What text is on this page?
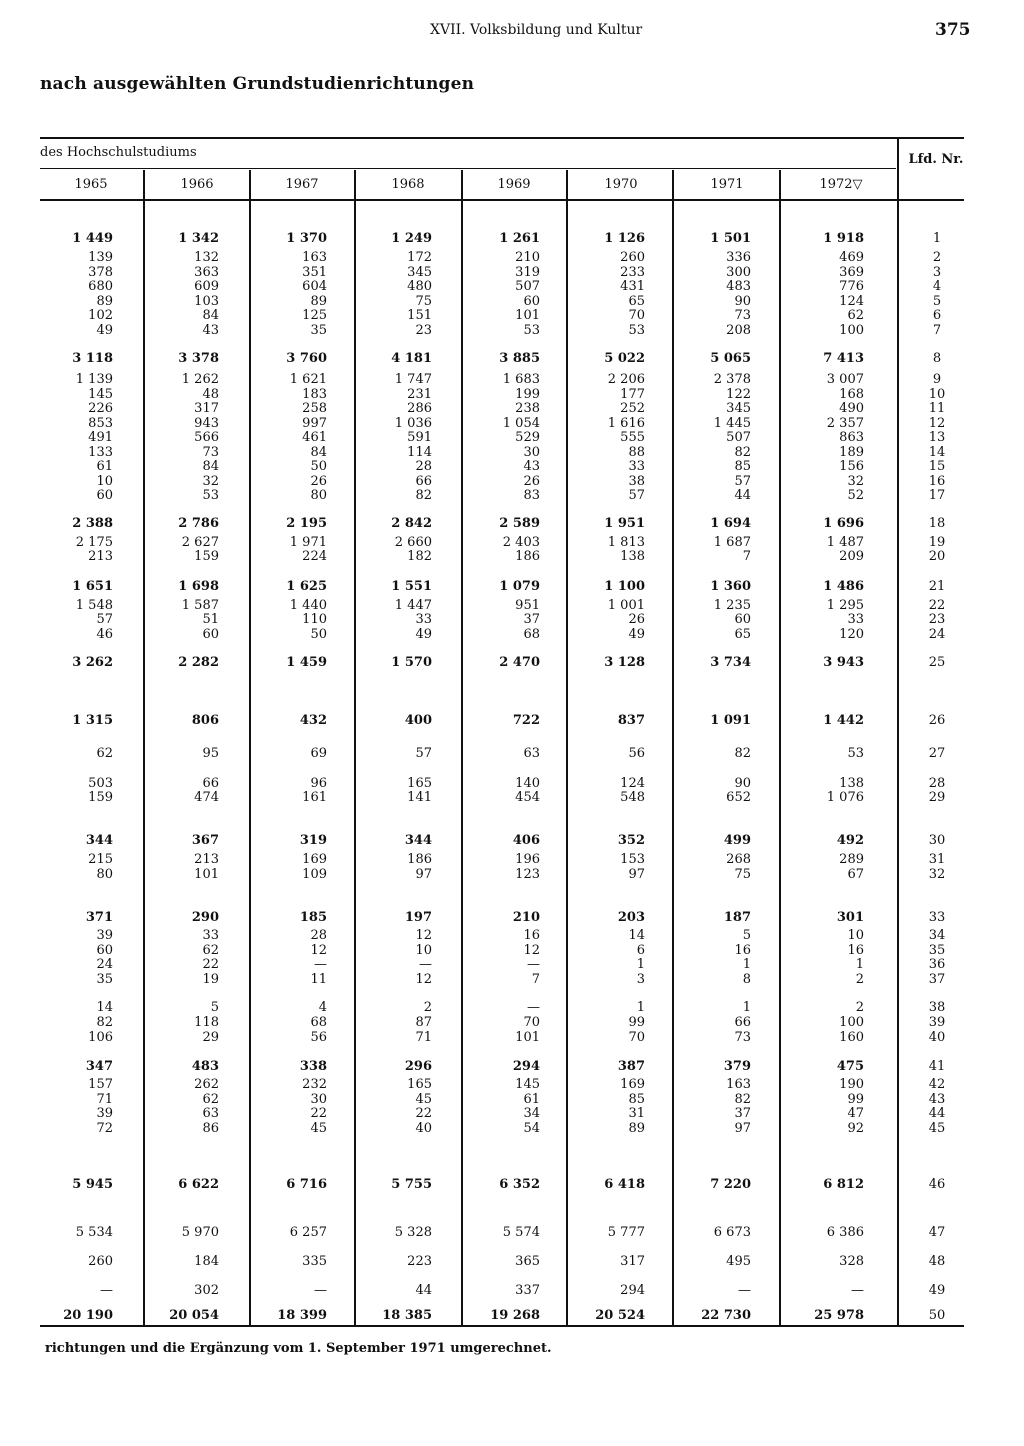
XVII. Volksbildung und Kultur	375
nach ausgewählten Grundstudienrichtungen
des Hochschulstudiums	Lfd. Nr.
1965	1966	1967	1968	1969	1970	1971	1972▽
1 449	1 342	1 370	1 249	1 261	1 126	1 501	1 918	1
139	132	163	172	210	260	336	469	2
378	363	351	345	319	233	300	369	3
680	609	604	480	507	431	483	776	4
89	103	89	75	60	65	90	124	5
102	84	125	151	101	70	73	62	6
49	43	35	23	53	53	208	100	7
3 118	3 378	3 760	4 181	3 885	5 022	5 065	7 413	8
1 139	1 262	1 621	1 747	1 683	2 206	2 378	3 007	9
145	48	183	231	199	177	122	168	10
226	317	258	286	238	252	345	490	11
853	943	997	1 036	1 054	1 616	1 445	2 357	12
491	566	461	591	529	555	507	863	13
133	73	84	114	30	88	82	189	14
61	84	50	28	43	33	85	156	15
10	32	26	66	26	38	57	32	16
60	53	80	82	83	57	44	52	17
2 388	2 786	2 195	2 842	2 589	1 951	1 694	1 696	18
2 175	2 627	1 971	2 660	2 403	1 813	1 687	1 487	19
213	159	224	182	186	138	7	209	20
1 651	1 698	1 625	1 551	1 079	1 100	1 360	1 486	21
1 548	1 587	1 440	1 447	951	1 001	1 235	1 295	22
57	51	110	33	37	26	60	33	23
46	60	50	49	68	49	65	120	24
3 262	2 282	1 459	1 570	2 470	3 128	3 734	3 943	25
1 315	806	432	400	722	837	1 091	1 442	26
62	95	69	57	63	56	82	53	27
503	66	96	165	140	124	90	138	28
159	474	161	141	454	548	652	1 076	29
344	367	319	344	406	352	499	492	30
215	213	169	186	196	153	268	289	31
80	101	109	97	123	97	75	67	32
371	290	185	197	210	203	187	301	33
39	33	28	12	16	14	5	10	34
60	62	12	10	12	6	16	16	35
24	22	—	—	—	1	1	1	36
35	19	11	12	7	3	8	2	37
14	5	4	2	—	1	1	2	38
82	118	68	87	70	99	66	100	39
106	29	56	71	101	70	73	160	40
347	483	338	296	294	387	379	475	41
157	262	232	165	145	169	163	190	42
71	62	30	45	61	85	82	99	43
39	63	22	22	34	31	37	47	44
72	86	45	40	54	89	97	92	45
5 945	6 622	6 716	5 755	6 352	6 418	7 220	6 812	46
5 534	5 970	6 257	5 328	5 574	5 777	6 673	6 386	47
260	184	335	223	365	317	495	328	48
—	302	—	44	337	294	—	—	49
20 190	20 054	18 399	18 385	19 268	20 524	22 730	25 978	50
richtungen und die Ergänzung vom 1. September 1971 umgerechnet.
